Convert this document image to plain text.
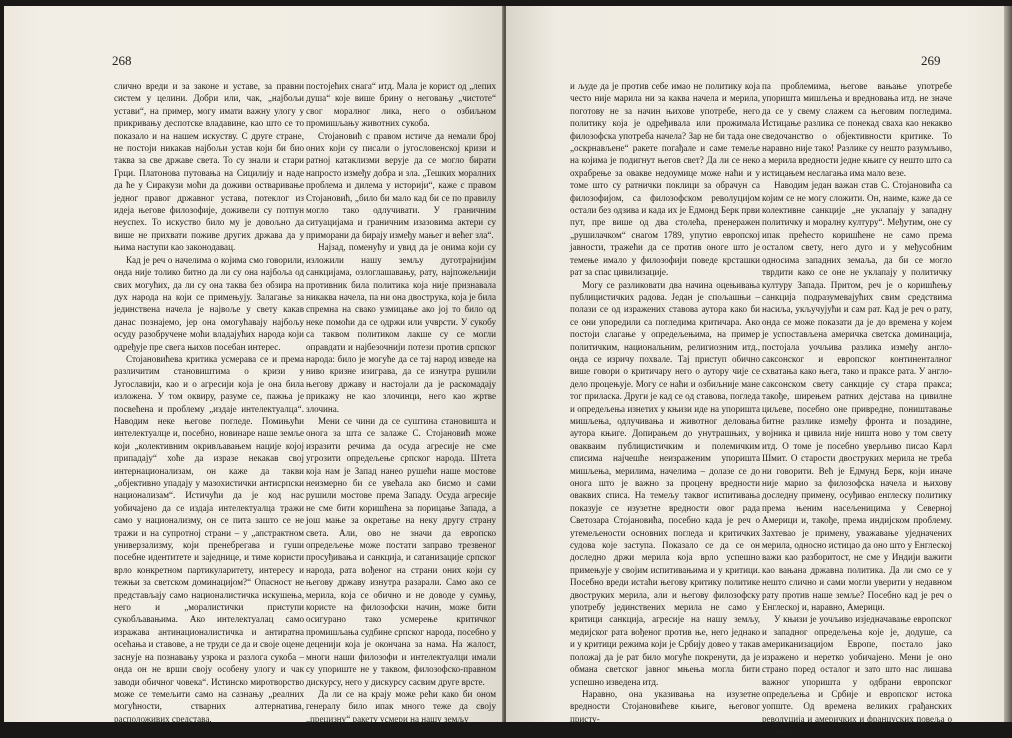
268

слично вреди и за законе и уставе, за правни систем у целини. Добри или, чак, „најбољи устави“, на пример, могу имати важну улогу у прикривању деспотске владавине, као што се то показало и на нашем искуству. С друге стране, не постоји никакав најбољи устав који би био таква за све државе света. То су знали и стари Грци. Платонова путовања на Сицилију и наде да ће у Сиракузи моћи да доживи остваривање једног правог државног устава, потеклог из идеја његове филозофије, доживели су потпун неуспех. То искуство било му је довољно да више не прихвати поживе других држава да у њима наступи као законодавац.

Кад је реч о начелима о којима смо говорили, онда није толико битно да ли су она најбоља од свих могућих, да ли су она таква без обзира на дух народа на који се примењују. Залагање за јединствена начела је највоље у свету какав данас познајемо, јер она омогућавају најбољу осуду разобручене моћи владајућих народа који одређује пре свега њихов посебан интерес.

Стојановићева критика усмерава се и према различитим становиштима о кризи у Југославији, као и о агресији која је она била изложена. У том оквиру, разуме се, пажња је посвећена и проблему „издаје интелектуалца“. Наводим неке његове погледе. Помињући интелектуалце и, посебно, новинаре наше земље који „колективним окривљавањем нације којој припадају“ хоће да изразе некакав свој интернационализам, он каже да такви „објективно упадају у мазохистички антисрпски национализам“. Истичући да је код нас уобичајено да се издаја интелектуалца тражи само у национализму, он се пита зашто се не тражи и на супротној страни – у „апстрактном универзализму, који пренебрегава и гуши посебне идентитете и заједнице, и тиме користи врло конкретном партикуларитету, интересу и тежњи за светском доминацијом?“ Опасност не представљају само националистичка искушења, него и „моралистички приступи сукобљавањима. Ако интелектуалац само изражава антинационалистичка и антиратна осећања и ставове, а не труди се да и своје оцене заснује на познавању узрока и разлога сукоба – онда он не врши своју особену улогу и чак заводи обичног човека“. Истинско миротворство може се темељити само на сазнању „реалних могућности, стварних алтернатива, расположивих средстава,

постојећих снага“ итд. Мала је корист од „лепих душа“ које више брину о неговању „чистоте“ свог моралног лика, него о озбиљном промишљању животних сукоба.

Стојановић с правом истиче да немали број оних који су писали о југословенској кризи и ратној катаклизми верује да се могло бирати напросто између добра и зла. „Тешких моралних проблема и дилема у историји“, каже с правом Стојановић, „било би мало кад би се по правилу могло тако одлучивати. У граничним ситуацијама и граничним изазовима актери су приморани да бирају између мањег и већег зла“.

Најзад, поменућу и увид да је онима који су изложили нашу земљу дуготрајнијим санкцијама, озлоглашавању, рату, најпожељнији противник била политика која није признавала никаква начела, па ни она двострука, која је била спремна на свако узмицање ако јој то било од неке помоћи да се одржи или учврсти. У сукобу са таквом политиком лакше су се могли оправдати и најбезочнији потези против српског народа: било је могуће да се тај народ изведе на ниво кризне изиграва, да се изнутра рушили његову државу и настојали да је раскомадају прикажу не као злочинци, него као жртве злочина.

Мени се чини да се суштина становишта и онога за шта се залаже С. Стојановић може изразити речима да осуда агресије не сме угрозити опредељење српског народа. Штета која нам је Запад нанео рушећи наше мостове неизмерно би се увећала ако бисмо и сами рушили мостове према Западу. Осуда агресије не сме бити коришћена за порицање Запада, а још мање за окретање на неку другу страну света. Али, ово не значи да европско опредељење може постати заправо трезвеног просуђивања и санкција, и сатанизације српског народа, рата вођеног на страни оних који су његову државу изнутра разарали. Само ако се мерила, која се обично и не доводе у сумњу, користе на филозофски начин, може бити осигурано тако усмерење критичког промишљања судбине српског народа, посебно у деценији која је окончана за нама. На жалост, многи наши филозофи и интелектуалци имали су упориште не у таквом, филозофско-правном дискурсу, него у дискурсу сасвим друге врсте.

Да ли се на крају може рећи како би оном генералу било ипак много теже да своју „прецизну“ ракету усмери на нашу земљу

269

и људе да је против себе имао не политику која често није марила ни за каква начела и мерила, поготову не за начин њихове употребе, него политику која је одређивала или прожимала филозофска употреба начела? Зар не би тада оне „оскрнављене“ ракете погађале и саме темеље на којима је подигнут његов свет? Да ли се неко охрабрење за овакве недоумице може наћи и у томе што су ратнички поклици за обрачун са филозофијом, са филозофском револуцијом остали без одзива и када их је Едмонд Берк први пут, пре више од два столећа, пренеражен „рушилачком“ снагом 1789, упутио европској јавности, тражећи да се против оноге што је темење имало у филозофији поведе крсташки рат за спас цивилизације.

Могу се разликовати два начина оцењивања публицистичких радова. Један је спољашњи – полази се од изражених ставова аутора како би се они упоредили са погледима критичара. Ако постоји слагање у опредељењима, на пример политичким, национальним, религиозним итд., онда се изричу похвале. Тај приступ обично више говори о критичару него о аутору чије се дело процењује. Могу се наћи и озбиљније мане тог приласка. Други је кад се од ставова, погледа и опредељења изнетих у књизи иде на упоришта мишљења, одлучивања и животног деловања аутора књиге. Допирањем до унутрашњих, у овакваим публицистичким и полемичким списима најчешће неизраженим упоришта мишљења, мерилима, начелима – долазе се до онога што је важно за процену вредности оваквих списа. На темељу таквог испитивања показује се изузетне вредности овог рада Светозара Стојановића, посебно када је реч о утемељености основних погледа и критичких судова које заступа. Показало се да се он доследно држи мерила која врло успешно примењује у својим испитивањима и у критици. Посебно вреди истаћи његову критику политике двоструких мерила, али и његову филозофску употребу јединствених мерила не само у критици санкција, агресије на нашу земљу, медијског рата вођеног против ње, него једнако и у критици режима који је Србију довео у такав положај да је рат било могуће покренути, да је обмана светског јавног мњења могла бити успешно изведена итд.

Наравно, она указивања на изузетне вредности Стојановићеве књиге, његовог присту-

па проблемима, његове вањање употребе упоришта мишљења и вредновања итд. не значе да се у свему слажем са његовим погледима. Истицање разлика се понекад сваха као некакво сведочанство о објективности критике. То наравно није тако! Разлике су нешто разумљиво, а мерила вредности једне књиге су нешто што са истицањем неслагања има мало везе.

Наводим један важан став С. Стојановића са којим се не могу сложити. Он, наиме, каже да се колективне санкције „не уклапају у западну политичку и моралну културу“. Међутим, оне су ипак прећесто коришћене не само према осталом свету, него дуго и у међусобним односима западних земаља, да би се могло тврдити како се оне не уклапају у политичку културу Запада. Притом, реч је о коришћењу санкција подразумевајућих свим средствима насиља, укључујући и сам рат. Кад је реч о рату, онда се може показати да је до времена у којем је успостављена америчка светска доминација, постојала уочљива разлика између англо-саксонског и европског континенталног схватања како њега, тако и праксе рата. У англо-саксонском свету санкције су стара пракса; такође, ширењем ратних дејстава на цивилне циљеве, посебно оне привредне, поништавање битне разлике између фронта и позадине, војника и цивила није ништа ново у том свету итд. О томе је посебно уверљиво писао Карл Шмит. О старости двоструких мерила не треба ни говорити. Већ је Едмунд Берк, који иначе није марио за филозофска начела и њихову доследну примену, осуђивао енглеску политику према њеним насељеницима у Северној Америци и, такође, према индијском проблему. Захтевао је примену, уважавање уједначених мерила, односно истицао да оно што у Енглеској важи као разборитост, не сме у Индији важити као вањана државна политика. Да ли смо се у нешто слично и сами могли уверити у недавном рату против наше земље? Посебно кад је реч о Енглеској и, наравно, Америци.

У књизи је уочљиво изједначавање европског и западног опредељења које је, додуше, са американизацијом Европе, постало јако изражено и неретко уобичајено. Мени је оно страно поред осталог и зато што нас лишава важног упоришта у одбрани европског опредељења и Србије и европског истока уопште. Од времена великих грађанских револуција и америчких и француских повеља о правима
